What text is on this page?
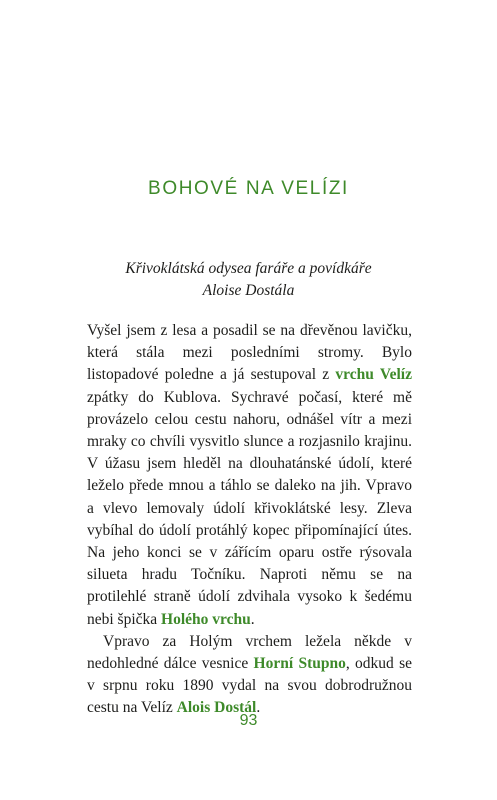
BOHOVÉ NA VELÍZI
Křivoklátská odysea faráře a povídkáře
Aloise Dostála

Vyšel jsem z lesa a posadil se na dřevěnou lavičku, která stála mezi posledními stromy. Bylo listopadové poledne a já sestupoval z vrchu Velíz zpátky do Kublova. Sychravé počasí, které mě provázelo celou cestu nahoru, odnášel vítr a mezi mraky co chvíli vysvitlo slunce a rozjasnilo krajinu. V úžasu jsem hleděl na dlouhatánské údolí, které leželo přede mnou a táhlo se daleko na jih. Vpravo a vlevo lemovaly údolí křivoklátské lesy. Zleva vybíhal do údolí protáhlý kopec připomínající útes. Na jeho konci se v zářícím oparu ostře rýsovala silueta hradu Točníku. Naproti němu se na protilehlé straně údolí zdvihala vysoko k šedému nebi špička Holého vrchu.

Vpravo za Holým vrchem ležela někde v nedohledné dálce vesnice Horní Stupno, odkud se v srpnu roku 1890 vydal na svou dobrodružnou cestu na Velíz Alois Dostál.

93
